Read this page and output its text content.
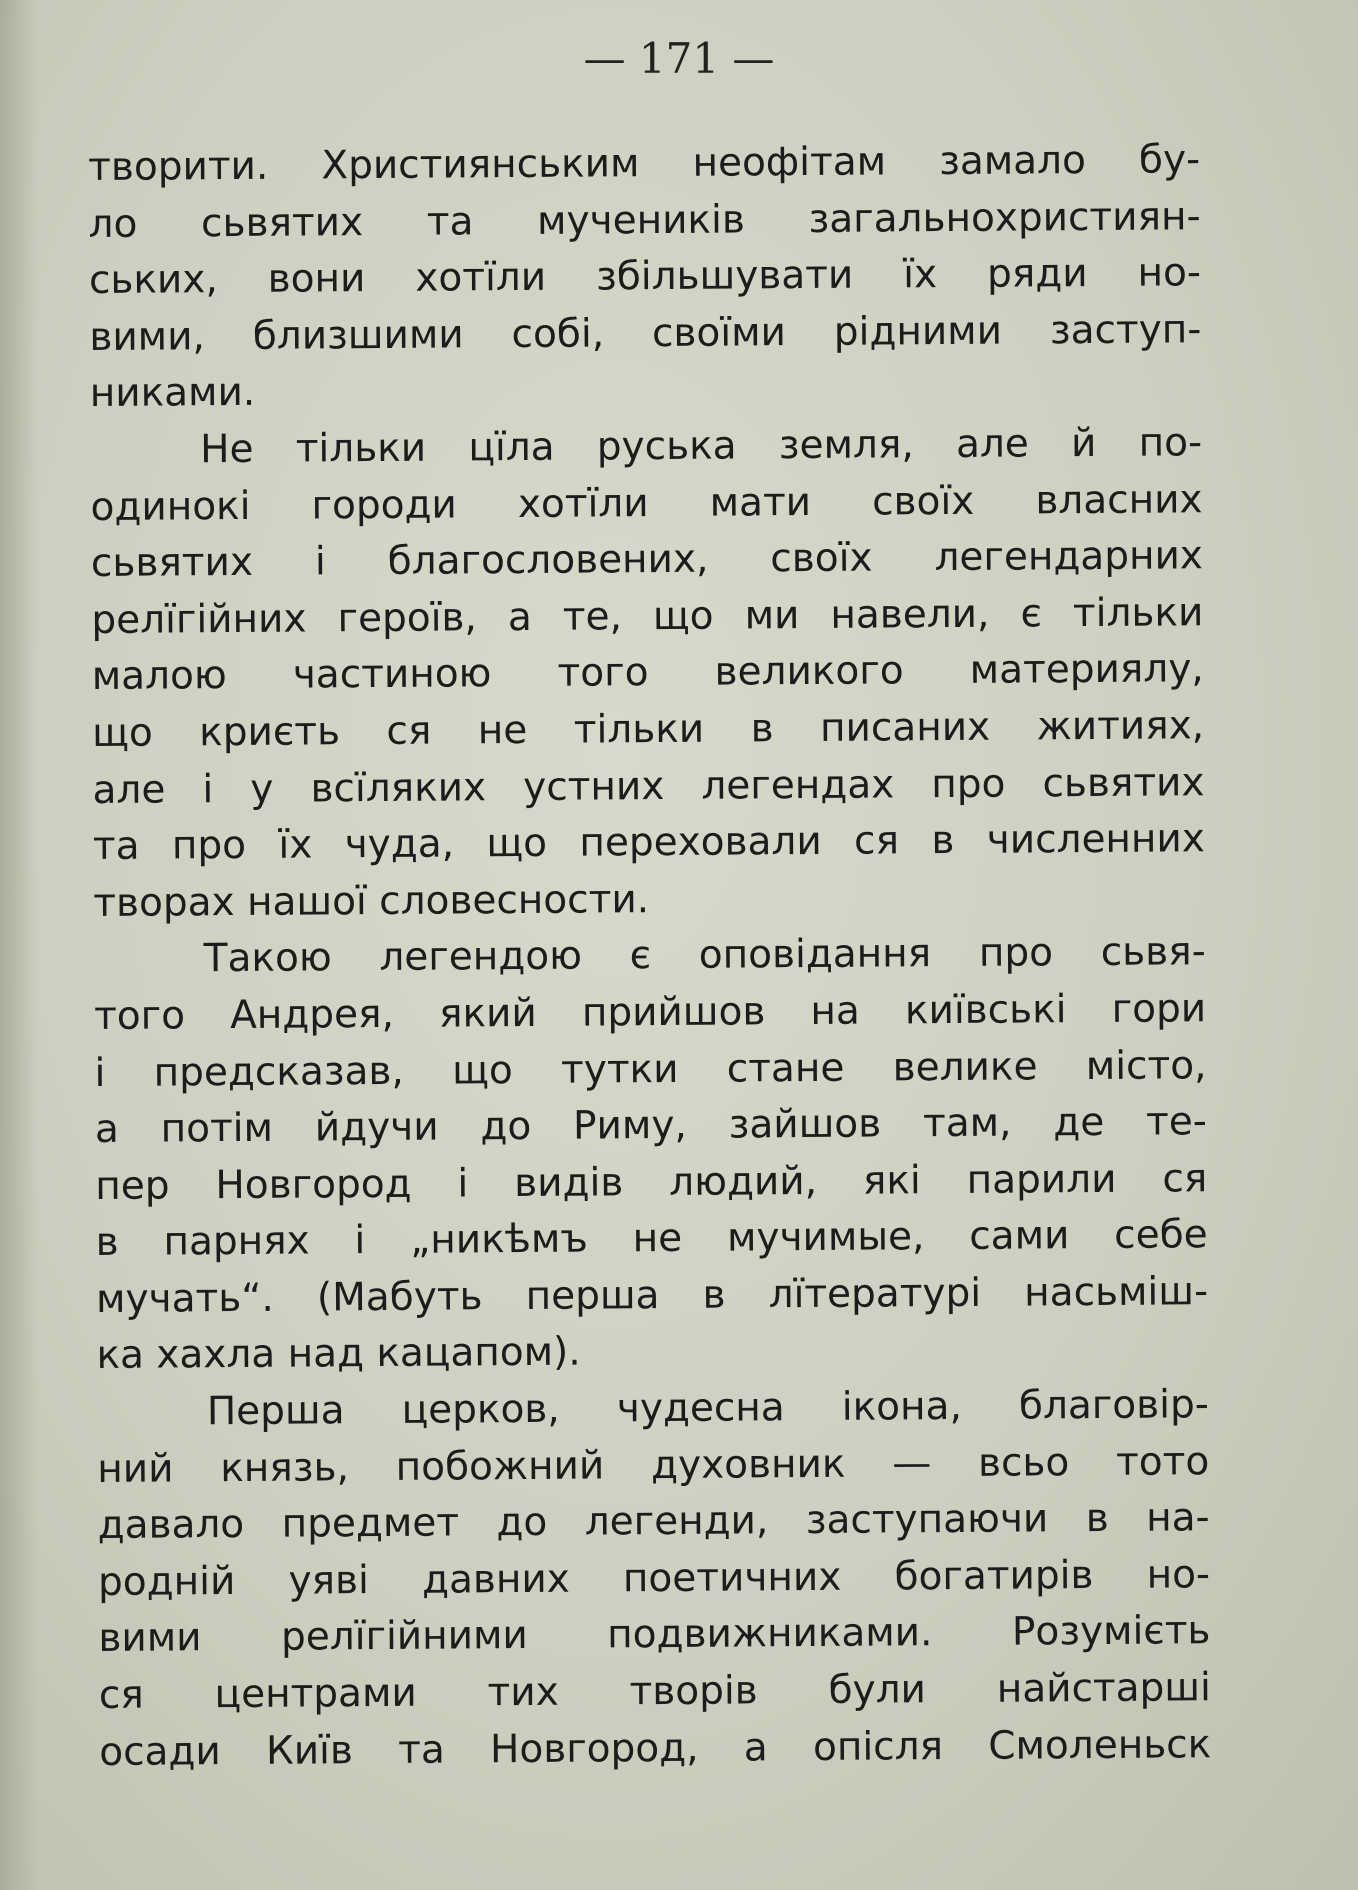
— 171 —
творити. Християнським неофітам замало бу-
ло сьвятих та мучеників загальнохристиян-
ських, вони хотїли збільшувати їх ряди но-
вими, близшими собі, своїми рідними заступ-
никами.
Не тільки цїла руська земля, але й по-
одинокі городи хотїли мати своїх власних
сьвятих і благословених, своїх легендарних
релїгійних героїв, а те, що ми навели, є тільки
малою частиною того великого материялу,
що криєть ся не тільки в писаних житиях,
але і у всїляких устних легендах про сьвятих
та про їх чуда, що переховали ся в численних
творах нашої словесности.
Такою легендою є оповідання про сьвя-
того Андрея, який прийшов на київські гори
і предсказав, що тутки стане велике місто,
а потім йдучи до Риму, зайшов там, де те-
пер Новгород і видів людий, які парили ся
в парнях і „никѣмъ не мучимые, сами себе
мучать“. (Мабуть перша в лїтературі насьміш-
ка хахла над кацапом).
Перша церков, чудесна ікона, благовір-
ний князь, побожний духовник — всьо тото
давало предмет до легенди, заступаючи в на-
родній уяві давних поетичних богатирів но-
вими релїгійними подвижниками. Розумієть
ся центрами тих творів були найстарші
осади Київ та Новгород, а опісля Смоленьск
